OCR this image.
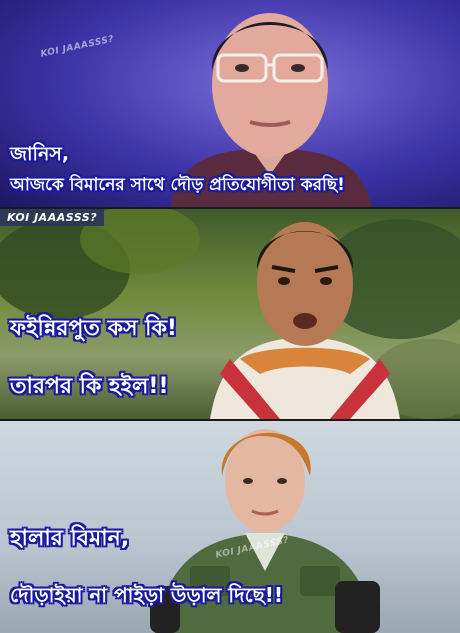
KOI JAAASSS?

জানিস,

আজকে বিমানের সাথে দৌড় প্রতিযোগীতা করছি!

KOI JAAASSS?

ফইন্নিরপুত কস কি!

তারপর কি হইল!!

KOI JAAASSS?

হালার বিমান,

দৌড়াইয়া না পাইড়া উড়াল দিছে!!
